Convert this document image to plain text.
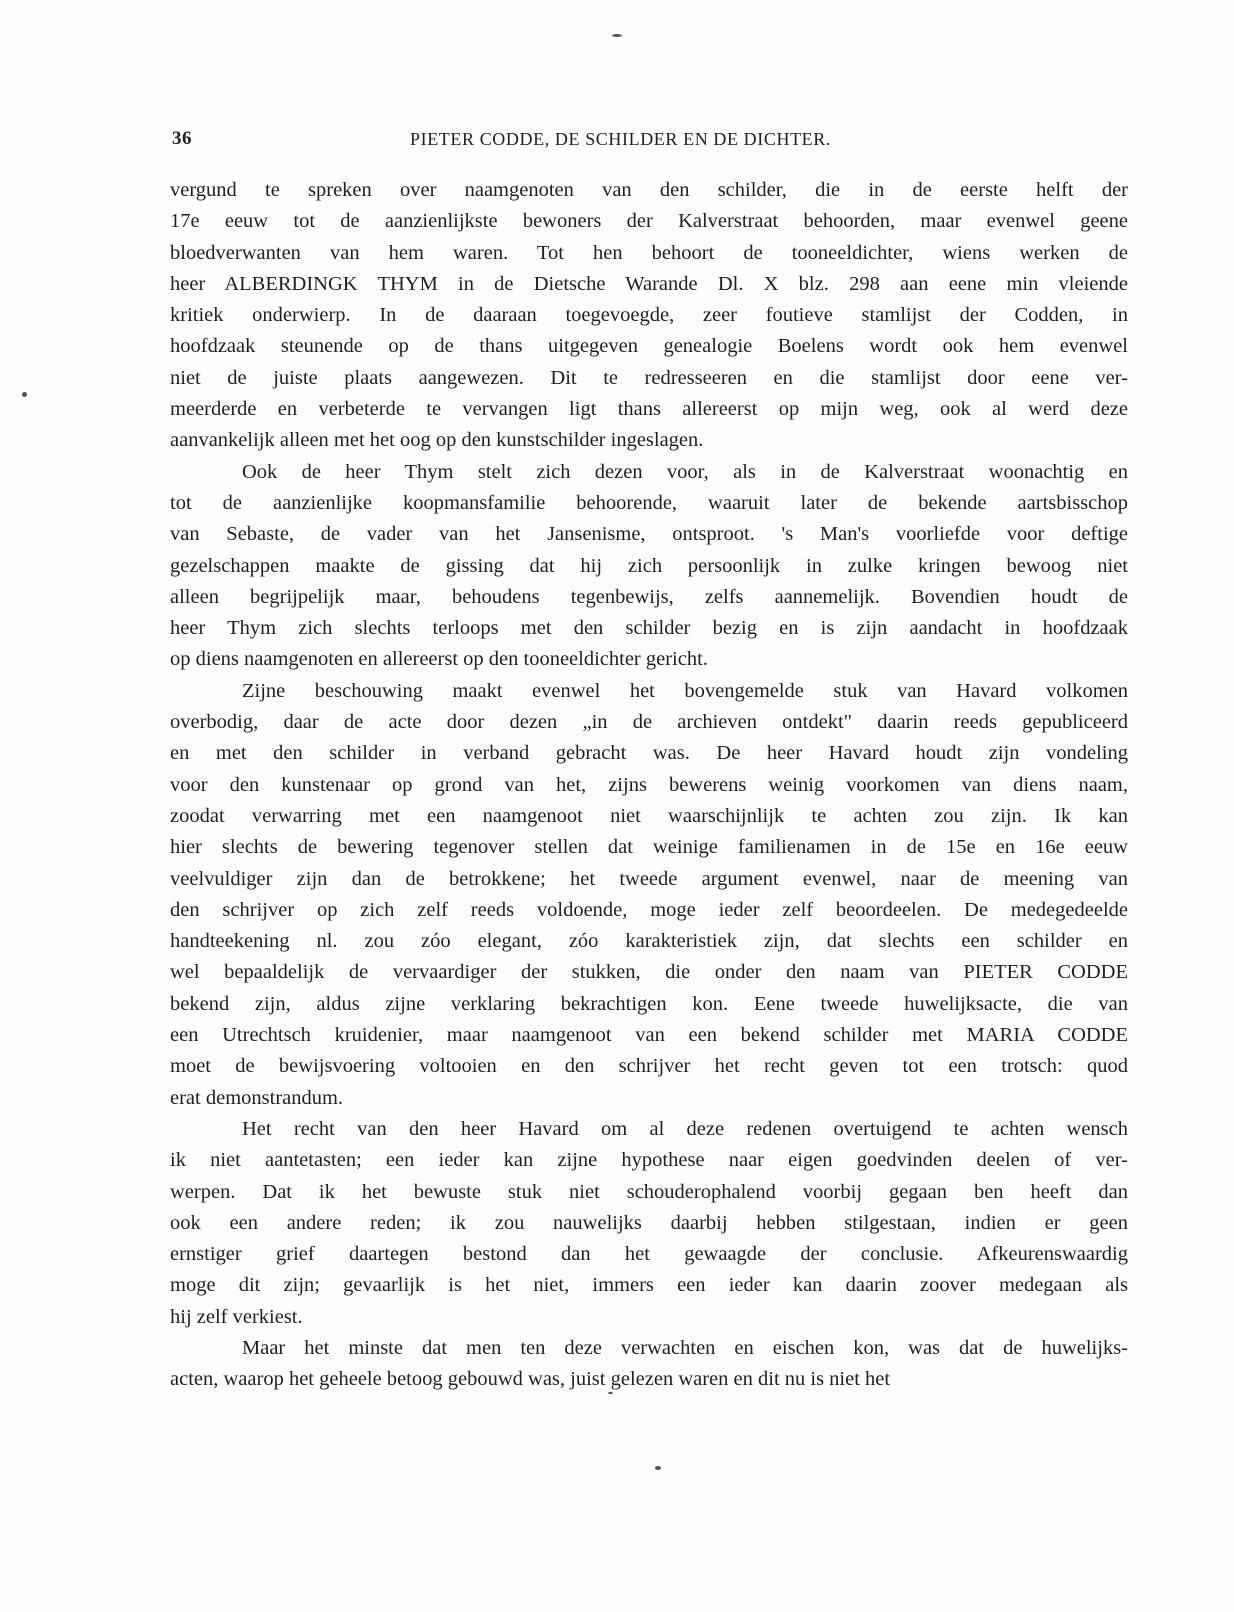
36	PIETER CODDE, DE SCHILDER EN DE DICHTER.

vergund te spreken over naamgenoten van den schilder, die in de eerste helft der
17e eeuw tot de aanzienlijkste bewoners der Kalverstraat behoorden, maar evenwel geene
bloedverwanten van hem waren. Tot hen behoort de tooneeldichter, wiens werken de
heer ALBERDINGK THYM in de Dietsche Warande Dl. X blz. 298 aan eene min vleiende
kritiek onderwierp. In de daaraan toegevoegde, zeer foutieve stamlijst der Codden, in
hoofdzaak steunende op de thans uitgegeven genealogie Boelens wordt ook hem evenwel
niet de juiste plaats aangewezen. Dit te redresseeren en die stamlijst door eene ver-
meerderde en verbeterde te vervangen ligt thans allereerst op mijn weg, ook al werd deze
aanvankelijk alleen met het oog op den kunstschilder ingeslagen.

Ook de heer Thym stelt zich dezen voor, als in de Kalverstraat woonachtig en
tot de aanzienlijke koopmansfamilie behoorende, waaruit later de bekende aartsbisschop
van Sebaste, de vader van het Jansenisme, ontsproot. 's Man's voorliefde voor deftige
gezelschappen maakte de gissing dat hij zich persoonlijk in zulke kringen bewoog niet
alleen begrijpelijk maar, behoudens tegenbewijs, zelfs aannemelijk. Bovendien houdt de
heer Thym zich slechts terloops met den schilder bezig en is zijn aandacht in hoofdzaak
op diens naamgenoten en allereerst op den tooneeldichter gericht.

Zijne beschouwing maakt evenwel het bovengemelde stuk van Havard volkomen
overbodig, daar de acte door dezen „in de archieven ontdekt" daarin reeds gepubliceerd
en met den schilder in verband gebracht was. De heer Havard houdt zijn vondeling
voor den kunstenaar op grond van het, zijns bewerens weinig voorkomen van diens naam,
zoodat verwarring met een naamgenoot niet waarschijnlijk te achten zou zijn. Ik kan
hier slechts de bewering tegenover stellen dat weinige familienamen in de 15e en 16e eeuw
veelvuldiger zijn dan de betrokkene; het tweede argument evenwel, naar de meening van
den schrijver op zich zelf reeds voldoende, moge ieder zelf beoordeelen. De medegedeelde
handteekening nl. zou zóo elegant, zóo karakteristiek zijn, dat slechts een schilder en
wel bepaaldelijk de vervaardiger der stukken, die onder den naam van PIETER CODDE
bekend zijn, aldus zijne verklaring bekrachtigen kon. Eene tweede huwelijksacte, die van
een Utrechtsch kruidenier, maar naamgenoot van een bekend schilder met MARIA CODDE
moet de bewijsvoering voltooien en den schrijver het recht geven tot een trotsch: quod
erat demonstrandum.

Het recht van den heer Havard om al deze redenen overtuigend te achten wensch
ik niet aantetasten; een ieder kan zijne hypothese naar eigen goedvinden deelen of ver-
werpen. Dat ik het bewuste stuk niet schouderophalend voorbij gegaan ben heeft dan
ook een andere reden; ik zou nauwelijks daarbij hebben stilgestaan, indien er geen
ernstiger grief daartegen bestond dan het gewaagde der conclusie. Afkeurenswaardig
moge dit zijn; gevaarlijk is het niet, immers een ieder kan daarin zoover medegaan als
hij zelf verkiest.

Maar het minste dat men ten deze verwachten en eischen kon, was dat de huwelijks-
acten, waarop het geheele betoog gebouwd was, juist gelezen waren en dit nu is niet het
